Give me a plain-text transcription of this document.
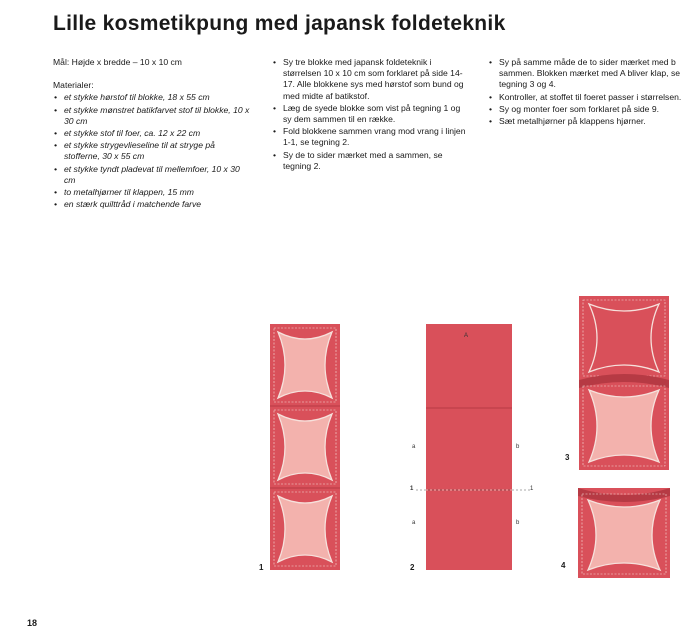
Lille kosmetikpung med japansk foldeteknik
Mål: Højde x bredde – 10 x 10 cm
Materialer:
• et stykke hørstof til blokke, 18 x 55 cm
• et stykke mønstret batikfarvet stof til blokke, 10 x 30 cm
• et stykke stof til foer, ca. 12 x 22 cm
• et stykke strygevlieseline til at stryge på stofferne, 30 x 55 cm
• et stykke tyndt pladevat til mellemfoer, 10 x 30 cm
• to metalhjørner til klappen, 15 mm
• en stærk quilttråd i matchende farve
• Sy tre blokke med japansk foldeteknik i størrelsen 10 x 10 cm som forklaret på side 14-17. Alle blokkene sys med hørstof som bund og med midte af batikstof.
• Læg de syede blokke som vist på tegning 1 og sy dem sammen til en række.
• Fold blokkene sammen vrang mod vrang i linjen 1-1, se tegning 2.
• Sy de to sider mærket med a sammen, se tegning 2.
• Sy på samme måde de to sider mærket med b sammen. Blokken mærket med A bliver klap, se tegning 3 og 4.
• Kontroller, at stoffet til foeret passer i størrelsen.
• Sy og monter foer som forklaret på side 9.
• Sæt metalhjørner på klappens hjørner.
1
A
a
a
b
b
1	1
2
3
4
18
